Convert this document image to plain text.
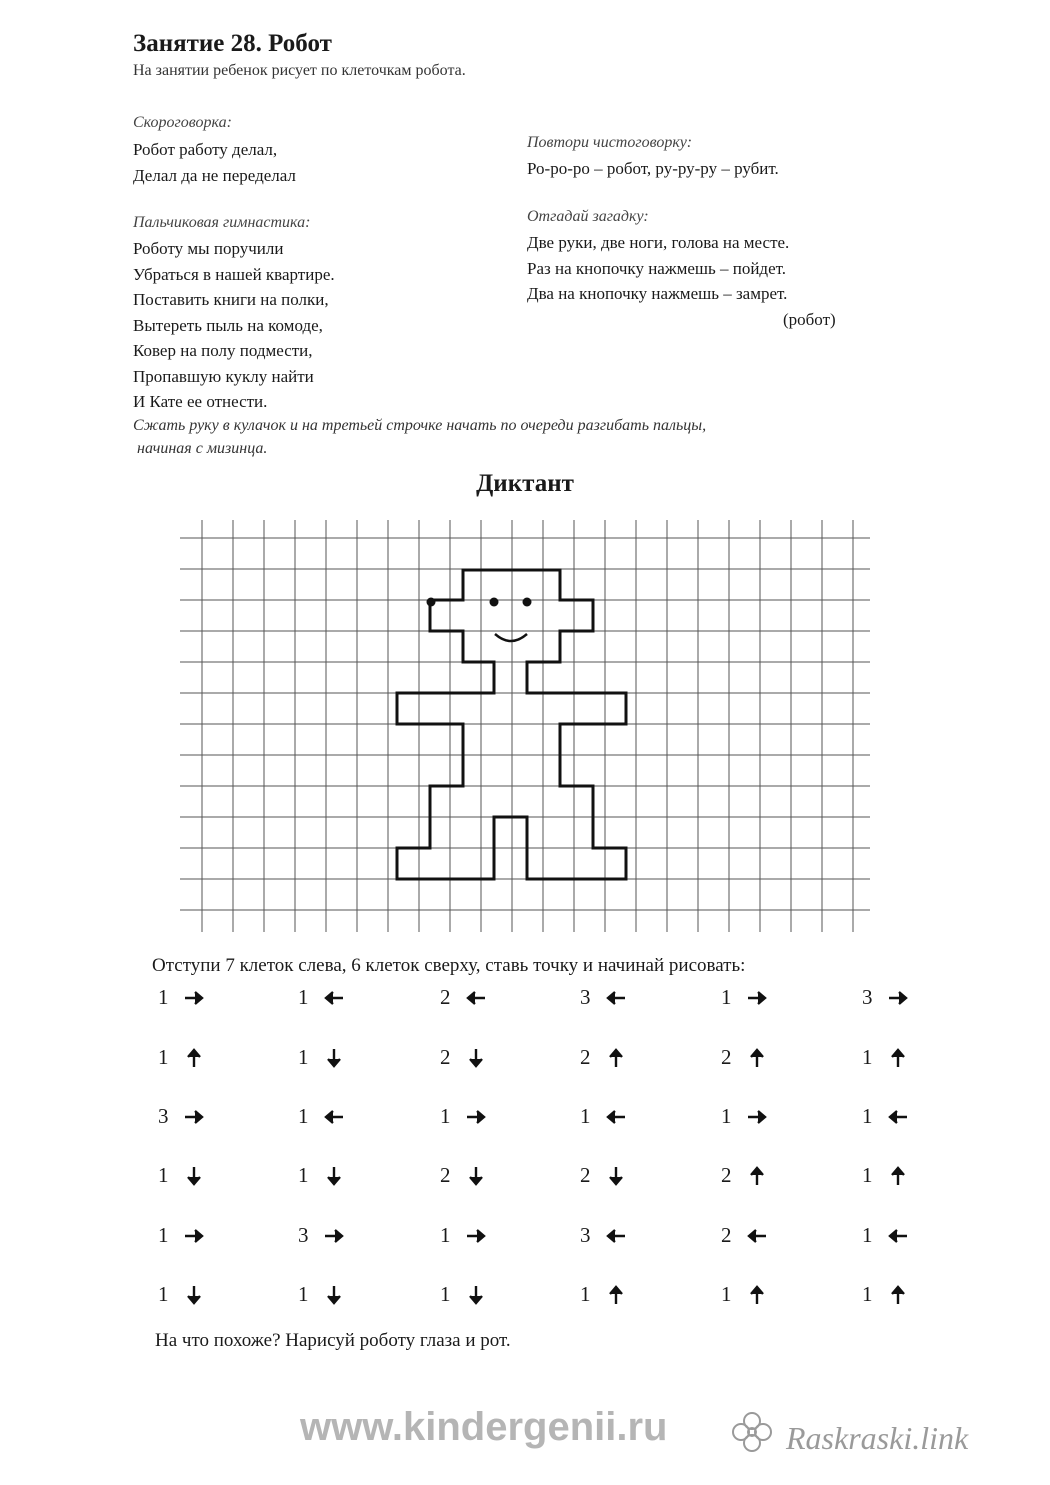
Занятие 28. Робот
На занятии ребенок рисует по клеточкам робота.
Скороговорка:
Робот работу делал,
Делал да не переделал
Пальчиковая гимнастика:
Роботу мы поручили
Убраться в нашей квартире.
Поставить книги на полки,
Вытереть пыль на комоде,
Ковер на полу подмести,
Пропавшую куклу найти
И Кате ее отнести.
Сжать руку в кулачок и на третьей строчке начать по очереди разгибать пальцы,
начиная с мизинца.
Повтори чистоговорку:
Ро-ро-ро – робот, ру-ру-ру – рубит.
Отгадай загадку:
Две руки, две ноги, голова на месте.
Раз на кнопочку нажмешь – пойдет.
Два на кнопочку нажмешь – замрет.
(робот)
Диктант
Отступи 7 клеток слева, 6 клеток сверху, ставь точку и начинай рисовать:
1
1
3
1
1
1
1
1
1
1
3
1
2
2
1
2
1
1
3
2
1
2
3
1
1
2
1
2
2
1
3
1
1
1
1
1
На что похоже? Нарисуй роботу глаза и рот.
www.kindergenii.ru	Raskraski.link
